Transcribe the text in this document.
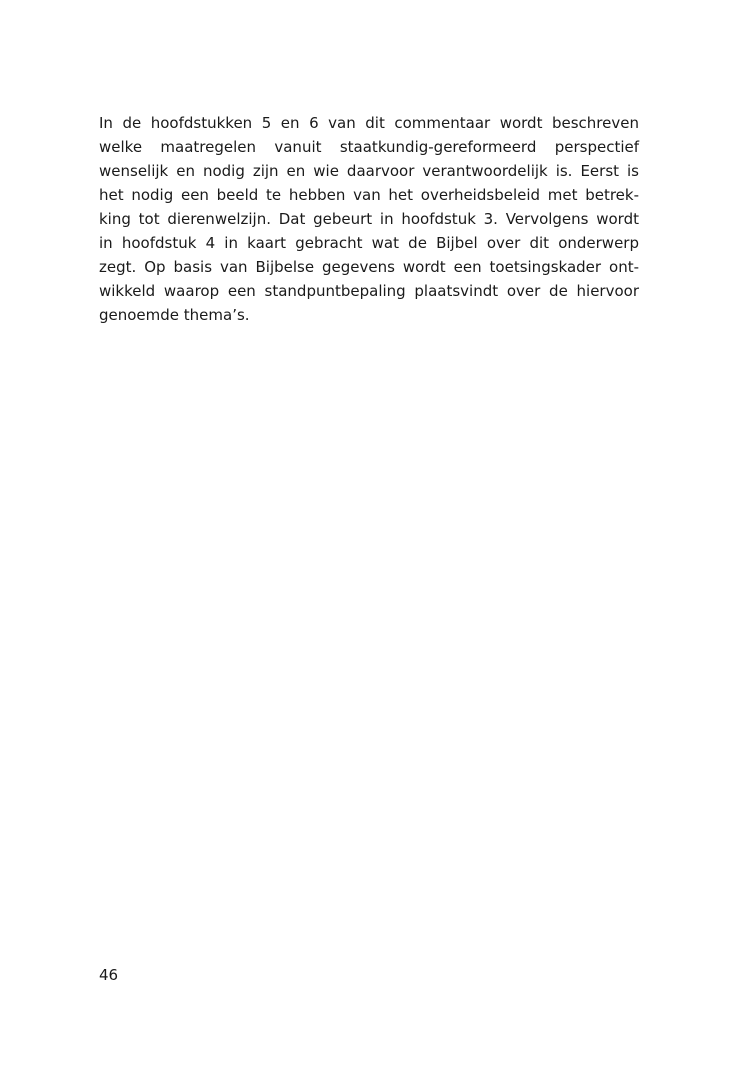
In de hoofdstukken 5 en 6 van dit commentaar wordt beschreven
welke maatregelen vanuit staatkundig-gereformeerd perspectief
wenselijk en nodig zijn en wie daarvoor verantwoordelijk is. Eerst is
het nodig een beeld te hebben van het overheidsbeleid met betrek-
king tot dierenwelzijn. Dat gebeurt in hoofdstuk 3. Vervolgens wordt
in hoofdstuk 4 in kaart gebracht wat de Bijbel over dit onderwerp
zegt. Op basis van Bijbelse gegevens wordt een toetsingskader ont-
wikkeld waarop een standpuntbepaling plaatsvindt over de hiervoor
genoemde thema’s.
46
